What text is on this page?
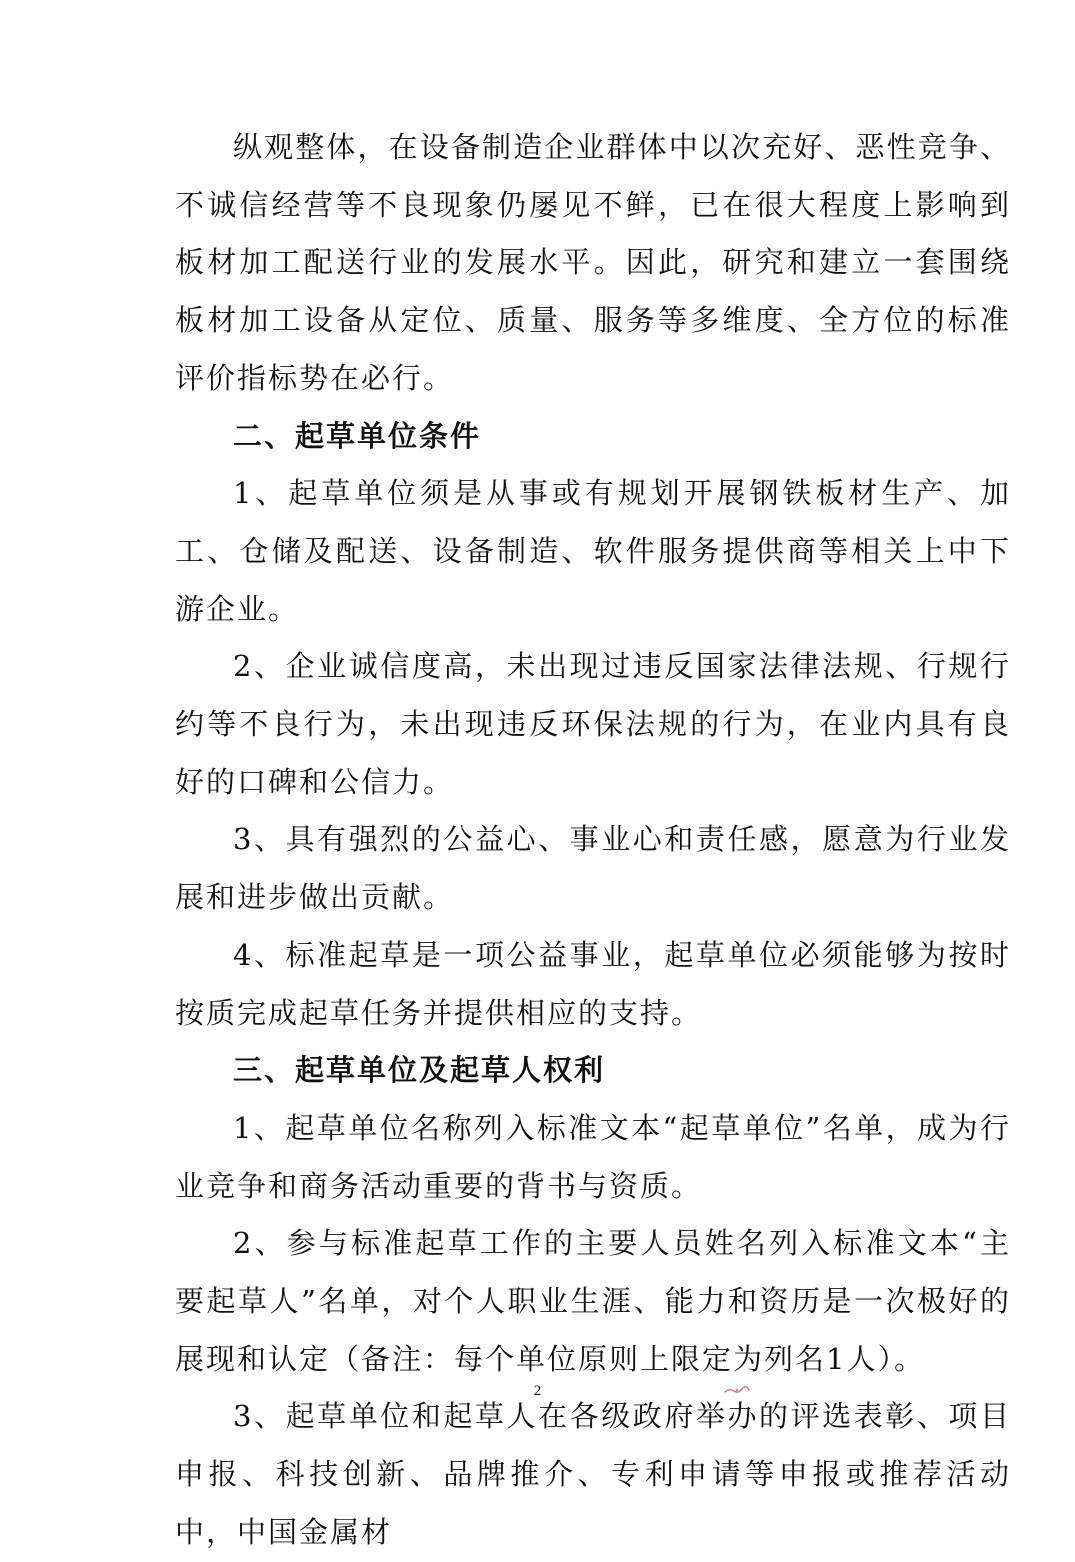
纵观整体，在设备制造企业群体中以次充好、恶性竞争、不诚信经营等不良现象仍屡见不鲜，已在很大程度上影响到板材加工配送行业的发展水平。因此，研究和建立一套围绕板材加工设备从定位、质量、服务等多维度、全方位的标准评价指标势在必行。

二、起草单位条件

1、起草单位须是从事或有规划开展钢铁板材生产、加工、仓储及配送、设备制造、软件服务提供商等相关上中下游企业。

2、企业诚信度高，未出现过违反国家法律法规、行规行约等不良行为，未出现违反环保法规的行为，在业内具有良好的口碑和公信力。

3、具有强烈的公益心、事业心和责任感，愿意为行业发展和进步做出贡献。

4、标准起草是一项公益事业，起草单位必须能够为按时按质完成起草任务并提供相应的支持。

三、起草单位及起草人权利

1、起草单位名称列入标准文本“起草单位”名单，成为行业竞争和商务活动重要的背书与资质。

2、参与标准起草工作的主要人员姓名列入标准文本“主要起草人”名单，对个人职业生涯、能力和资历是一次极好的展现和认定（备注：每个单位原则上限定为列名1人）。

3、起草单位和起草人在各级政府举办的评选表彰、项目申报、科技创新、品牌推介、专利申请等申报或推荐活动中，中国金属材

2
